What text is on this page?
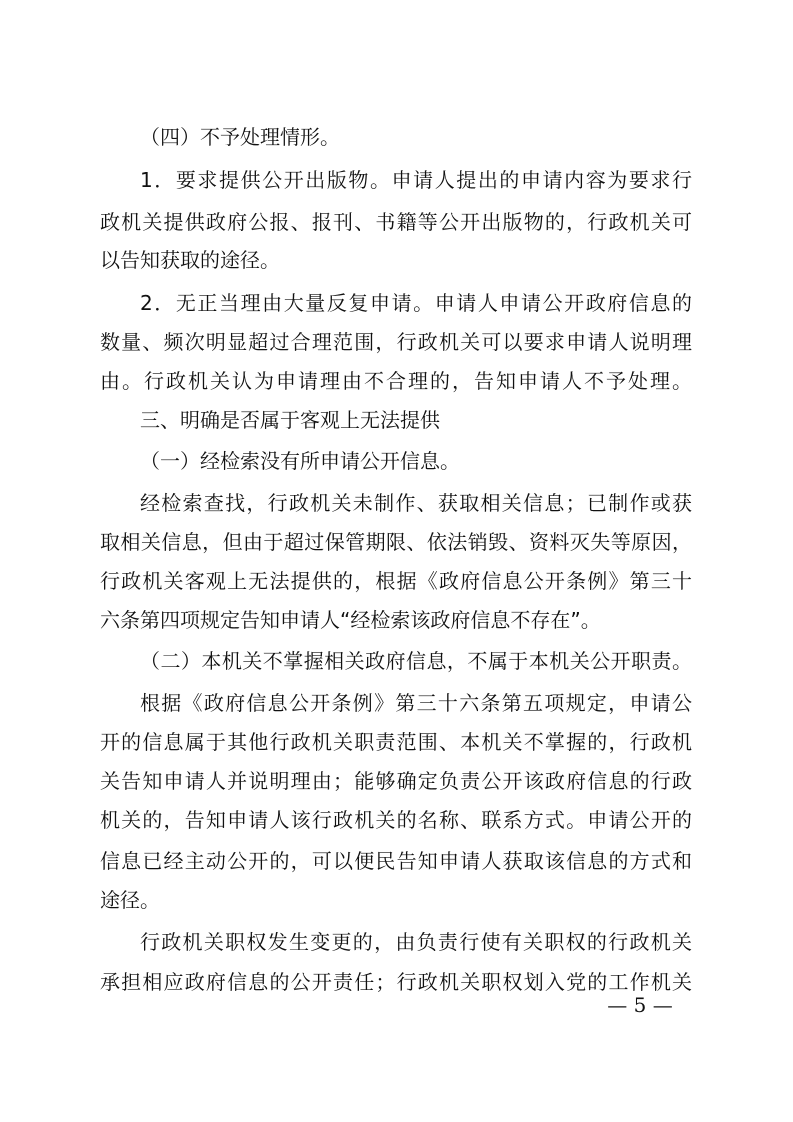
（四）不予处理情形。
1．要求提供公开出版物。申请人提出的申请内容为要求行
政机关提供政府公报、报刊、书籍等公开出版物的，行政机关可
以告知获取的途径。
2．无正当理由大量反复申请。申请人申请公开政府信息的
数量、频次明显超过合理范围，行政机关可以要求申请人说明理
由。行政机关认为申请理由不合理的，告知申请人不予处理。
三、明确是否属于客观上无法提供
（一）经检索没有所申请公开信息。
经检索查找，行政机关未制作、获取相关信息；已制作或获
取相关信息，但由于超过保管期限、依法销毁、资料灭失等原因，
行政机关客观上无法提供的，根据《政府信息公开条例》第三十
六条第四项规定告知申请人“经检索该政府信息不存在”。
（二）本机关不掌握相关政府信息，不属于本机关公开职责。
根据《政府信息公开条例》第三十六条第五项规定，申请公
开的信息属于其他行政机关职责范围、本机关不掌握的，行政机
关告知申请人并说明理由；能够确定负责公开该政府信息的行政
机关的，告知申请人该行政机关的名称、联系方式。申请公开的
信息已经主动公开的，可以便民告知申请人获取该信息的方式和
途径。
行政机关职权发生变更的，由负责行使有关职权的行政机关
承担相应政府信息的公开责任；行政机关职权划入党的工作机关
— 5 —
